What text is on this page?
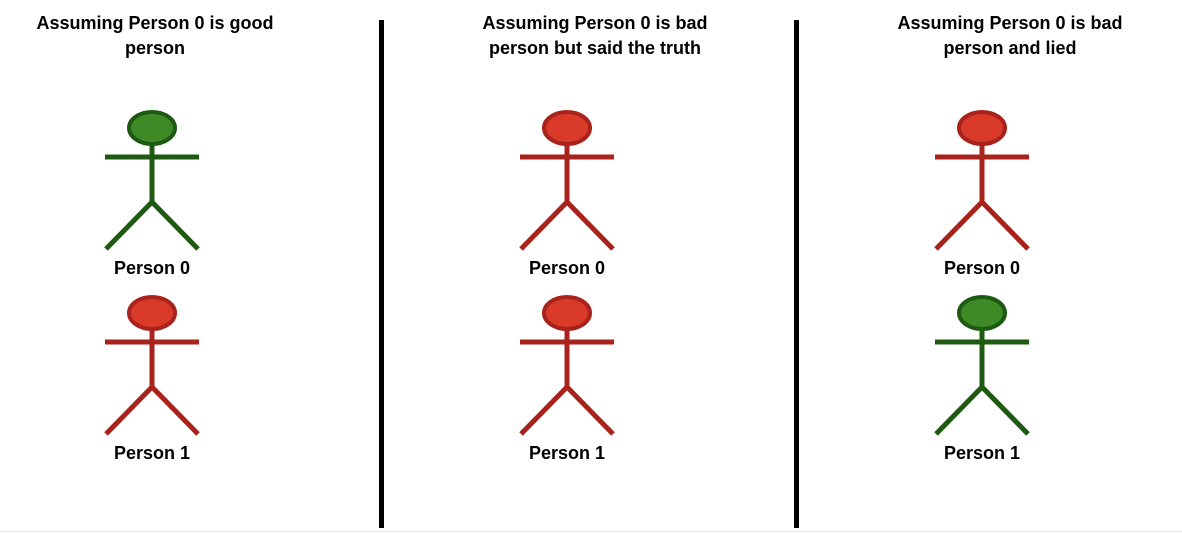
Assuming Person 0 is good
person
Person 0
Person 1
Assuming Person 0 is bad
person but said the truth
Person 0
Person 1
Assuming Person 0 is bad
person and lied
Person 0
Person 1
